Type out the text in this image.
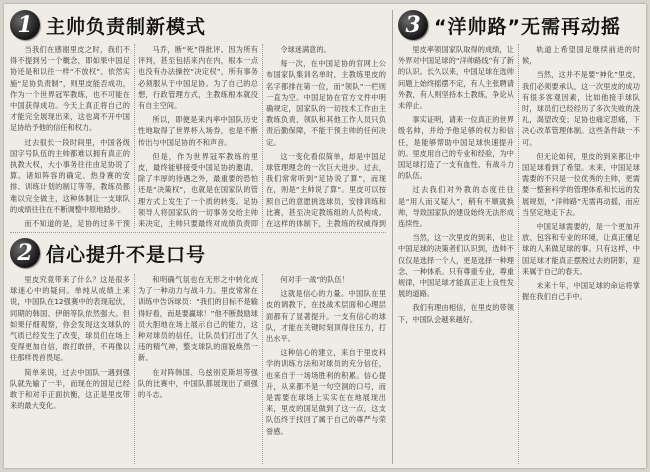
1 主帅负责制新模式

当我们在感谢里皮之时，我们不得不提到另一个概念，即如果中国足协还是和以往一样“不放权”、依然实施“足协负责制”，则里皮能否成功，作为一个世界冠军教练，也不可能在中国获得成功。今天上真正将自己的才能完全展现出来，这也离不开中国足协给予他的信任和权力。

过去很长一段时间里，中国各级国字号队伍的主帅都难以拥有真正的执教大权，大小事务往往由足协说了算。诸如阵容的确定、热身赛的安排、训练计划的制订等等，教练员都难以完全做主，这种体制让一支球队的成绩往往在不断调整中原地踏步。

而不知道的是，足协的过多干预

马乔，断“死”得批评。因为所有评判，甚至包括来内在内，根本一点也没有办法操控“决定权”，所有事务必须服从于中国足协。为了自己的总想，行政管理方式，主教练根本就没有自主空间。

所以，即便是来内率中国队历史性地取得了世界杯入场券，也是不断传出与中国足协的不和声音。

但是，作为世界冠军教练的里皮，最终能够接受中国足协的邀请，除了丰厚的待遇之外，最重要的恐怕还是“决策权”，也就是在国家队的管理方式上发生了一个质的转变。足协领导人将国家队的一切事务交给主帅来决定，主帅只要最终对成绩负责即

令球迷满意的。

每一次，在中国足协的官网上公布国家队集训名单时，主教练里皮的名字都排在第一位，而“领队”一栏则一直为空。中国足协在官方文件中明确规定，国家队的一切技术工作由主教练负责，领队和其他工作人员只负责后勤保障，不能干预主帅的任何决定。

这一变化看似简单，却是中国足球管理理念的一次巨大进步。过去，我们常常听到“足协说了算”，而现在，则是“主帅说了算”。里皮可以按照自己的意愿挑选球员，安排训练和比赛，甚至决定教练组的人员构成。在这样的体制下，主教练的权威得到

2 信心提升不是口号

里皮究竟带来了什么？这是很多球迷心中的疑问。单纯从成绩上来说，中国队在12强赛中的表现起伏，同期的韩国、伊朗等队依然强大。但如果仔细观察，你会发现这支球队的气质已经发生了改变，球员们在场上变得更加自信，敢打敢拼，不再像以往那样畏首畏尾。

简单来说，过去中国队一遇到强队就先输了一半，而现在的国足已经敢于和对手正面抗衡，这正是里皮带来的最大变化。

和明确气氛也在无形之中转化成为了一种动力与战斗力。里皮常常在训练中告诉球员：“我们的目标不是输得好看，而是要赢球！”他不断鼓励球员大胆地在场上展示自己的能力，这种对球员的信任，让队员们打出了久违的精气神，整支球队的面貌焕然一新。

在对阵韩国、乌兹别克斯坦等强队的比赛中，中国队都展现出了顽强的斗志。

何对手一战”的队伍！

这就是信心的力量。中国队在里皮的调教下，在技战术层面和心理层面都有了显著提升。一支有信心的球队，才能在关键时刻顶得住压力，打出水平。

这种信心的建立，来自于里皮科学的训练方法和对球员的充分信任，也来自于一场场胜利的积累。信心提升，从来都不是一句空洞的口号，而是需要在球场上实实在在地展现出来，里皮的国足做到了这一点，这支队伍终于找回了属于自己的尊严与荣誉感。

3 “洋帅路”无需再动摇

里皮率领国家队取得的成绩，让外界对中国足球的“洋帅路线”有了新的认识。长久以来，中国足球在选帅问题上始终摇摆不定，有人主张聘请外教，有人则坚持本土教练，争论从未停止。

事实证明，请来一位真正的世界级名帅，并给予他足够的权力和信任，是能够帮助中国足球快速提升的。里皮用自己的专业和经验，为中国足球打造了一支有血性、有战斗力的队伍。

过去我们对外教的态度往往是“用人而又疑人”，稍有不顺就换帅，导致国家队的建设始终无法形成连续性。

当然，这一次里皮的到来，也让中国足球的决策者们认识到，选帅不仅仅是选择一个人，更是选择一种理念、一种体系。只有尊重专业，尊重规律，中国足球才能真正走上良性发展的道路。

我们有理由相信，在里皮的带领下，中国队会越来越好。

轨道上希望国足继续前进的时候，

当然，这并不是要“神化”里皮，我们必须要承认，这一次里皮的成功有很多客观因素，比如他接手球队时，球员们已经经历了多次失败的洗礼，渴望改变；足协也痛定思痛，下决心改革管理体制。这些条件缺一不可。

但无论如何，里皮的到来都让中国足球看到了希望。未来，中国足球需要的不只是一位优秀的主帅，更需要一整套科学的管理体系和长远的发展规划，“洋帅路”无需再动摇，而应当坚定地走下去。

中国足球需要的，是一个更加开放、包容和专业的环境，让真正懂足球的人来做足球的事。只有这样，中国足球才能真正摆脱过去的阴影，迎来属于自己的春天。

未来十年，中国足球的命运将掌握在我们自己手中。
